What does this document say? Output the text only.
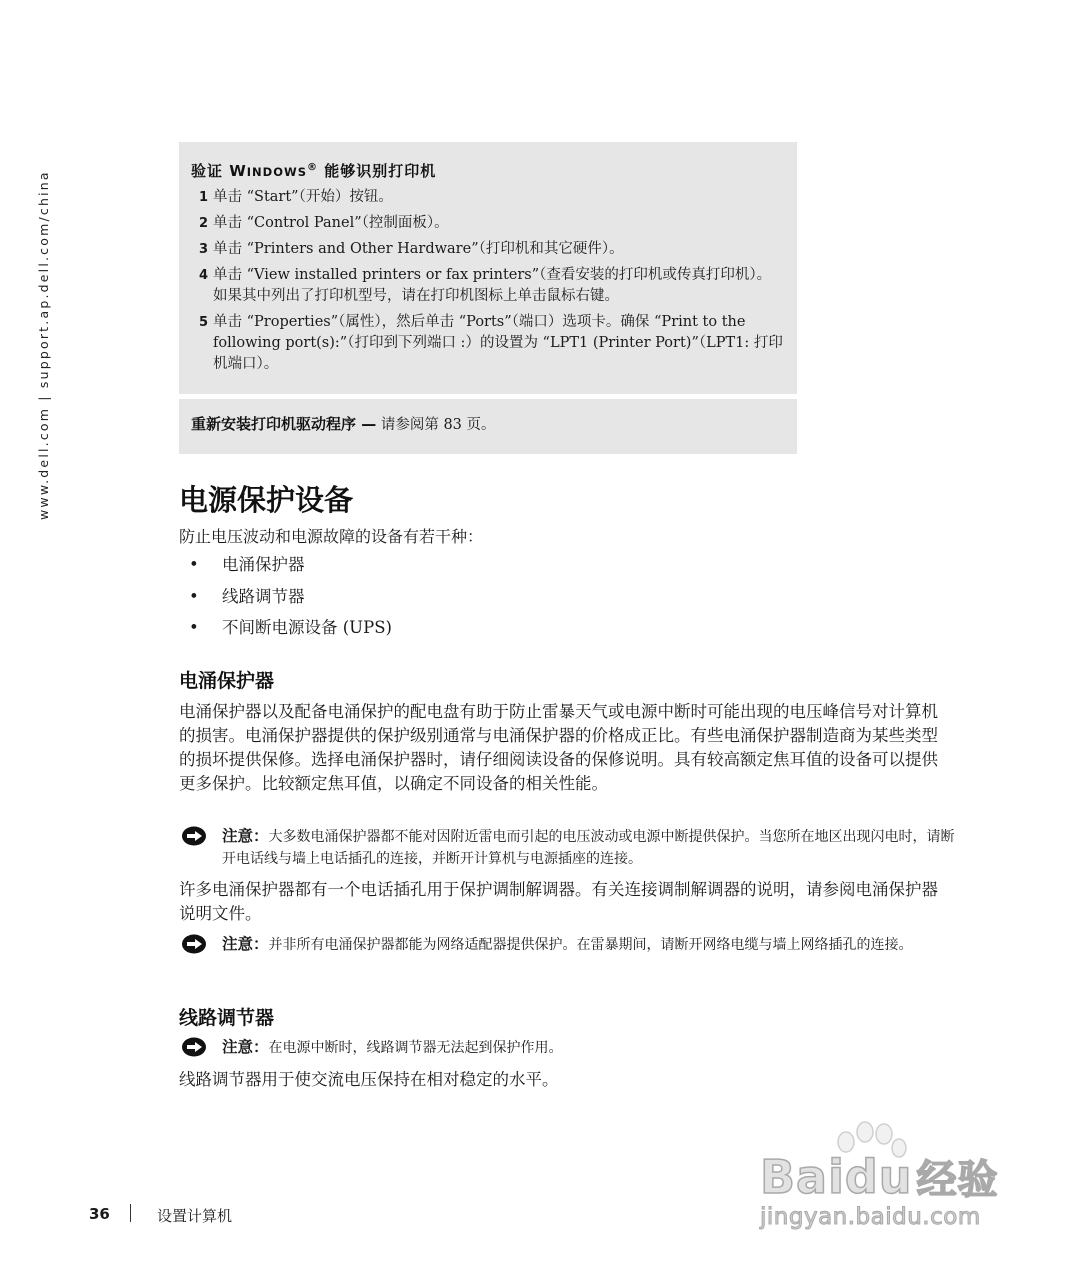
www.dell.com | support.ap.dell.com/china	验证 WINDOWS® 能够识别打印机
1 单击 “Start”（开始）按钮。
2 单击 “Control Panel”（控制面板）。
3 单击 “Printers and Other Hardware”（打印机和其它硬件）。
4 单击 “View installed printers or fax printers”（查看安装的打印机或传真打印机）。如果其中列出了打印机型号，请在打印机图标上单击鼠标右键。
5 单击 “Properties”（属性），然后单击 “Ports”（端口）选项卡。确保 “Print to the following port(s):”（打印到下列端口 :）的设置为 “LPT1 (Printer Port)”（LPT1: 打印机端口）。
重新安装打印机驱动程序 — 请参阅第 83 页。
电源保护设备

防止电压波动和电源故障的设备有若干种：

• 电涌保护器
• 线路调节器
• 不间断电源设备 (UPS)
电涌保护器

电涌保护器以及配备电涌保护的配电盘有助于防止雷暴天气或电源中断时可能出现的电压峰信号对计算机的损害。电涌保护器提供的保护级别通常与电涌保护器的价格成正比。有些电涌保护器制造商为某些类型的损坏提供保修。选择电涌保护器时，请仔细阅读设备的保修说明。具有较高额定焦耳值的设备可以提供更多保护。比较额定焦耳值，以确定不同设备的相关性能。

注意：大多数电涌保护器都不能对因附近雷电而引起的电压波动或电源中断提供保护。当您所在地区出现闪电时，请断开电话线与墙上电话插孔的连接，并断开计算机与电源插座的连接。

许多电涌保护器都有一个电话插孔用于保护调制解调器。有关连接调制解调器的说明，请参阅电涌保护器说明文件。

注意：并非所有电涌保护器都能为网络适配器提供保护。在雷暴期间，请断开网络电缆与墙上网络插孔的连接。
线路调节器
注意：在电源中断时，线路调节器无法起到保护作用。

线路调节器用于使交流电压保持在相对稳定的水平。

36	设置计算机
Baidu 经验
jingyan.baidu.com
